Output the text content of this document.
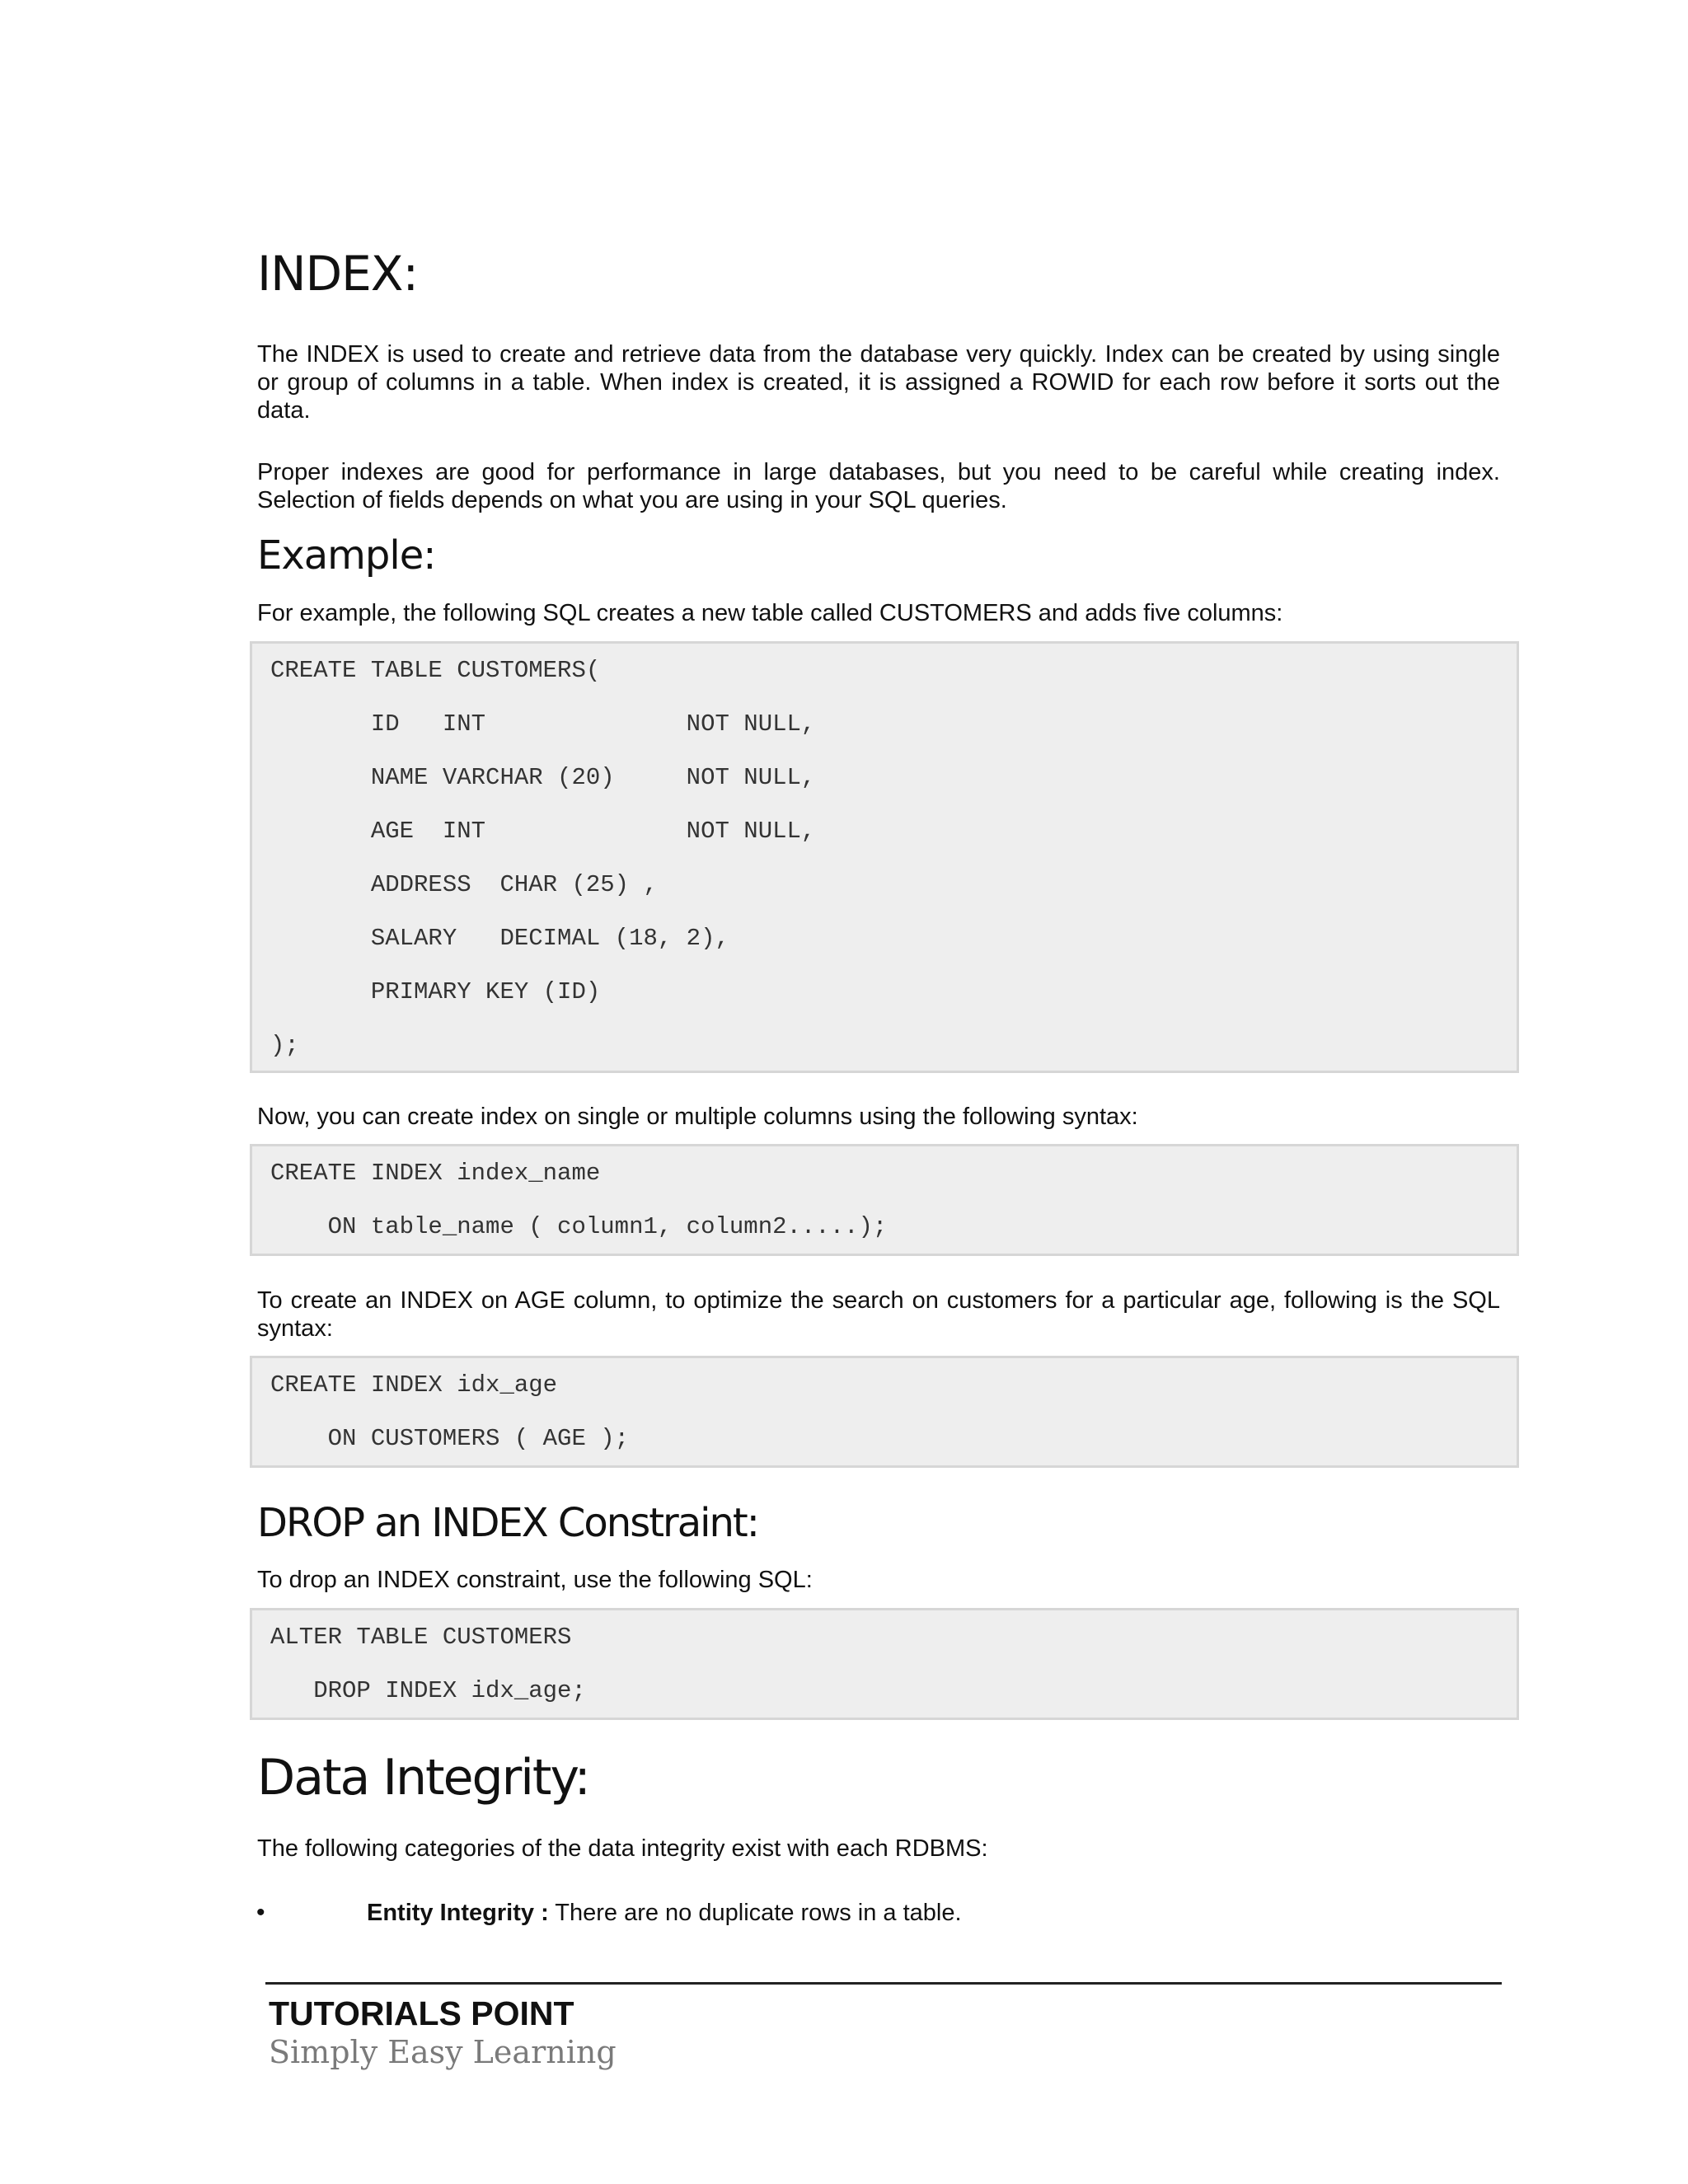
INDEX:

The INDEX is used to create and retrieve data from the database very quickly. Index can be created by using single or group of columns in a table. When index is created, it is assigned a ROWID for each row before it sorts out the data.

Proper indexes are good for performance in large databases, but you need to be careful while creating index. Selection of fields depends on what you are using in your SQL queries.

Example:

For example, the following SQL creates a new table called CUSTOMERS and adds five columns:

CREATE TABLE CUSTOMERS(
ID   INT              NOT NULL,
NAME VARCHAR (20)     NOT NULL,
AGE  INT              NOT NULL,
ADDRESS  CHAR (25) ,
SALARY   DECIMAL (18, 2),
PRIMARY KEY (ID)
);

Now, you can create index on single or multiple columns using the following syntax:

CREATE INDEX index_name
ON table_name ( column1, column2.....);

To create an INDEX on AGE column, to optimize the search on customers for a particular age, following is the SQL syntax:

CREATE INDEX idx_age
ON CUSTOMERS ( AGE );
DROP an INDEX Constraint:

To drop an INDEX constraint, use the following SQL:

ALTER TABLE CUSTOMERS
DROP INDEX idx_age;
Data Integrity:

The following categories of the data integrity exist with each RDBMS:

•	Entity Integrity : There are no duplicate rows in a table.
TUTORIALS POINT
Simply Easy Learning
